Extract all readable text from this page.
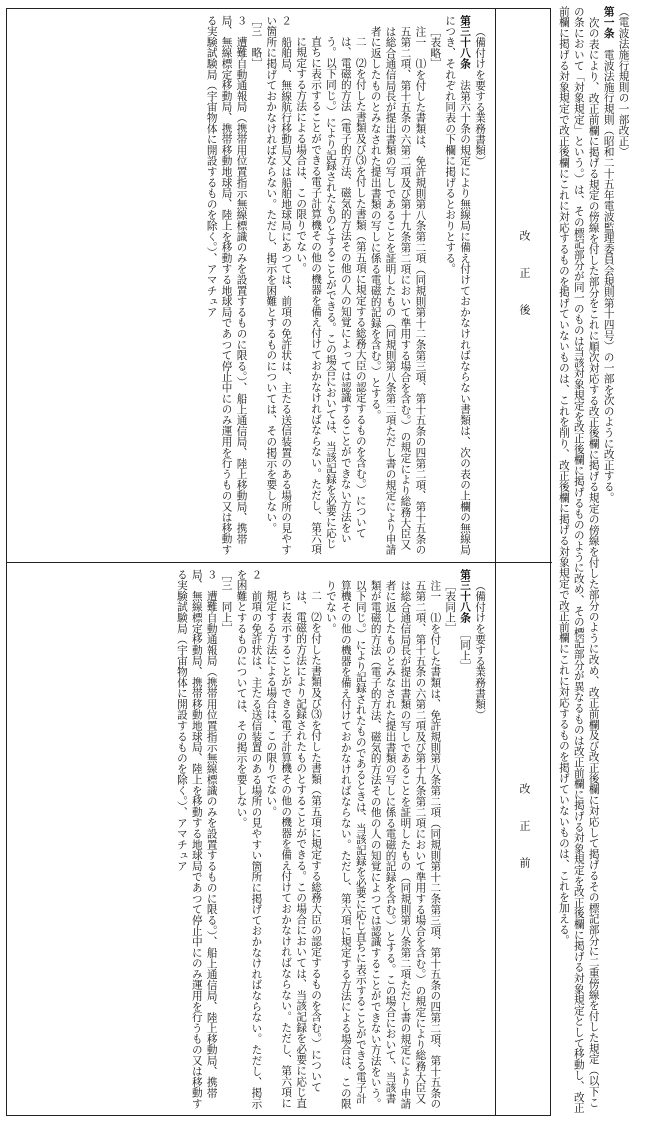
（電波法施行規則の一部改正）
第一条　電波法施行規則（昭和二十五年電波監理委員会規則第十四号）の一部を次のように改正する。
次の表により、改正前欄に掲げる規定の傍線を付した部分をこれに順次対応する改正後欄に掲げる規定の傍線を付した部分のように改め、改正前欄及び改正後欄に対応して掲げるその標記部分に二重傍線を付した規定（以下この条において「対象規定」という。）は、その標記部分が同一のものは当該対象規定を改正後欄に掲げるもののように改め、その標記部分が異なるものは改正前欄に掲げる対象規定を改正後欄に掲げる対象規定として移動し、改正前欄に掲げる対象規定で改正後欄にこれに対応するものを掲げていないものは、これを削り、改正後欄に掲げる対象規定で改正前欄にこれに対応するものを掲げていないものは、これを加える。
改正後
改正前

（備付けを要する業務書類）

第三十八条　法第六十条の規定により無線局に備え付けておかなければならない書類は、次の表の上欄の無線局につき、それぞれ同表の下欄に掲げるとおりとする。

［表略］

注一　⑴を付した書類は、免許規則第八条第二項（同規則第十二条第三項、第十五条の四第二項、第十五条の五第二項、第十五条の六第二項及び第十九条第二項において準用する場合を含む。）の規定により総務大臣又は総合通信局長が提出書類の写しであることを証明したもの（同規則第八条第二項ただし書の規定により申請者に返したものとみなされた提出書類の写しに係る電磁的記録を含む。）とする。

二　⑵を付した書類及び⑶を付した書類（第五項に規定する総務大臣の認定するものを含む。）については、電磁的方法（電子的方法、磁気的方法その他の人の知覚によっては認識することができない方法をいう。以下同じ。）により記録されたものとすることができる。この場合においては、当該記録を必要に応じ直ちに表示することができる電子計算機その他の機器を備え付けておかなければならない。ただし、第六項に規定する方法による場合は、この限りでない。

２　船舶局、無線航行移動局又は船舶地球局にあつては、前項の免許状は、主たる送信装置のある場所の見やすい箇所に掲げておかなければならない。ただし、掲示を困難とするものについては、その掲示を要しない。

［三　略］

３　遭難自動通報局（携帯用位置指示無線標識のみを設置するものに限る。）、船上通信局、陸上移動局、携帯局、無線標定移動局、携帯移動地球局、陸上を移動する地球局であつて停止中にのみ運用を行うもの又は移動する実験試験局（宇宙物体に開設するものを除く。）、アマチュア

（備付けを要する業務書類）

第三十八条　［同上］

［表同上］

注一　⑴を付した書類は、免許規則第八条第二項（同規則第十二条第三項、第十五条の四第二項、第十五条の五第二項、第十五条の六第二項及び第十九条第二項において準用する場合を含む。）の規定により総務大臣又は総合通信局長が提出書類の写しであることを証明したもの（同規則第八条第二項ただし書の規定により申請者に返したものとみなされた提出書類の写しに係る電磁的記録を含む。）とする。この場合において、当該書類が電磁的方法（電子的方法、磁気的方法その他の人の知覚によつては認識することができない方法をいう。以下同じ。）により記録されたものであるときは、当該記録を必要に応じ直ちに表示することができる電子計算機その他の機器を備え付けておかなければならない。ただし、第六項に規定する方法による場合は、この限りでない。

二　⑵を付した書類及び⑶を付した書類（第五項に規定する総務大臣の認定するものを含む。）については、電磁的方法により記録されたものとすることができる。この場合においては、当該記録を必要に応じ直ちに表示することができる電子計算機その他の機器を備え付けておかなければならない。ただし、第六項に規定する方法による場合は、この限りでない。

２　前項の免許状は、主たる送信装置のある場所の見やすい箇所に掲げておかなければならない。ただし、掲示を困難とするものについては、その掲示を要しない。

［三　同上］

３　遭難自動通報局（携帯用位置指示無線標識のみを設置するものに限る。）、船上通信局、陸上移動局、携帯局、無線標定移動局、携帯移動地球局、陸上を移動する地球局であつて停止中にのみ運用を行うもの又は移動する実験試験局（宇宙物体に開設するものを除く。）、アマチュア
